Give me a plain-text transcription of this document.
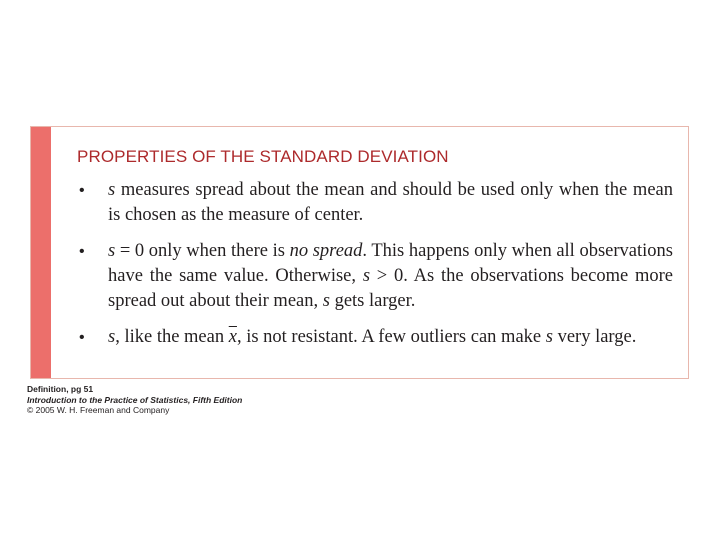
PROPERTIES OF THE STANDARD DEVIATION
• s measures spread about the mean and should be used only when the mean is chosen as the measure of center.
• s = 0 only when there is no spread. This happens only when all observations have the same value. Otherwise, s > 0. As the observations become more spread out about their mean, s gets larger.
• s, like the mean $\overline{x}$, is not resistant. A few outliers can make s very large.
Definition, pg 51
Introduction to the Practice of Statistics, Fifth Edition
© 2005 W. H. Freeman and Company
